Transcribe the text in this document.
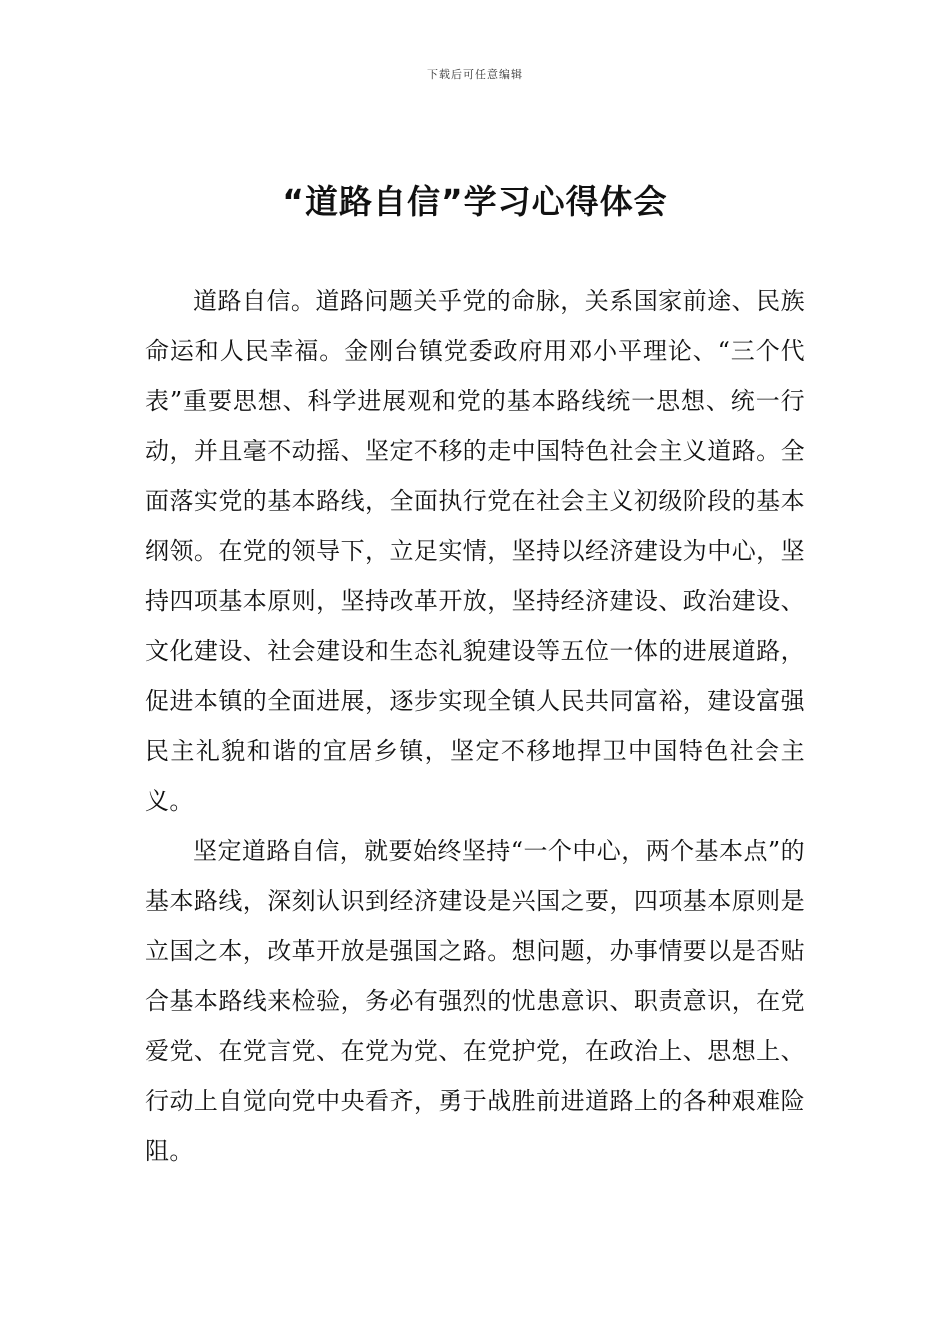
下载后可任意编辑
“道路自信”学习心得体会

道路自信。道路问题关乎党的命脉，关系国家前途、民族命运和人民幸福。金刚台镇党委政府用邓小平理论、“三个代表”重要思想、科学进展观和党的基本路线统一思想、统一行动，并且毫不动摇、坚定不移的走中国特色社会主义道路。全面落实党的基本路线，全面执行党在社会主义初级阶段的基本纲领。在党的领导下，立足实情，坚持以经济建设为中心，坚持四项基本原则，坚持改革开放，坚持经济建设、政治建设、文化建设、社会建设和生态礼貌建设等五位一体的进展道路，促进本镇的全面进展，逐步实现全镇人民共同富裕，建设富强民主礼貌和谐的宜居乡镇，坚定不移地捍卫中国特色社会主义。

坚定道路自信，就要始终坚持“一个中心，两个基本点”的基本路线，深刻认识到经济建设是兴国之要，四项基本原则是立国之本，改革开放是强国之路。想问题，办事情要以是否贴合基本路线来检验，务必有强烈的忧患意识、职责意识，在党爱党、在党言党、在党为党、在党护党，在政治上、思想上、行动上自觉向党中央看齐，勇于战胜前进道路上的各种艰难险阻。
